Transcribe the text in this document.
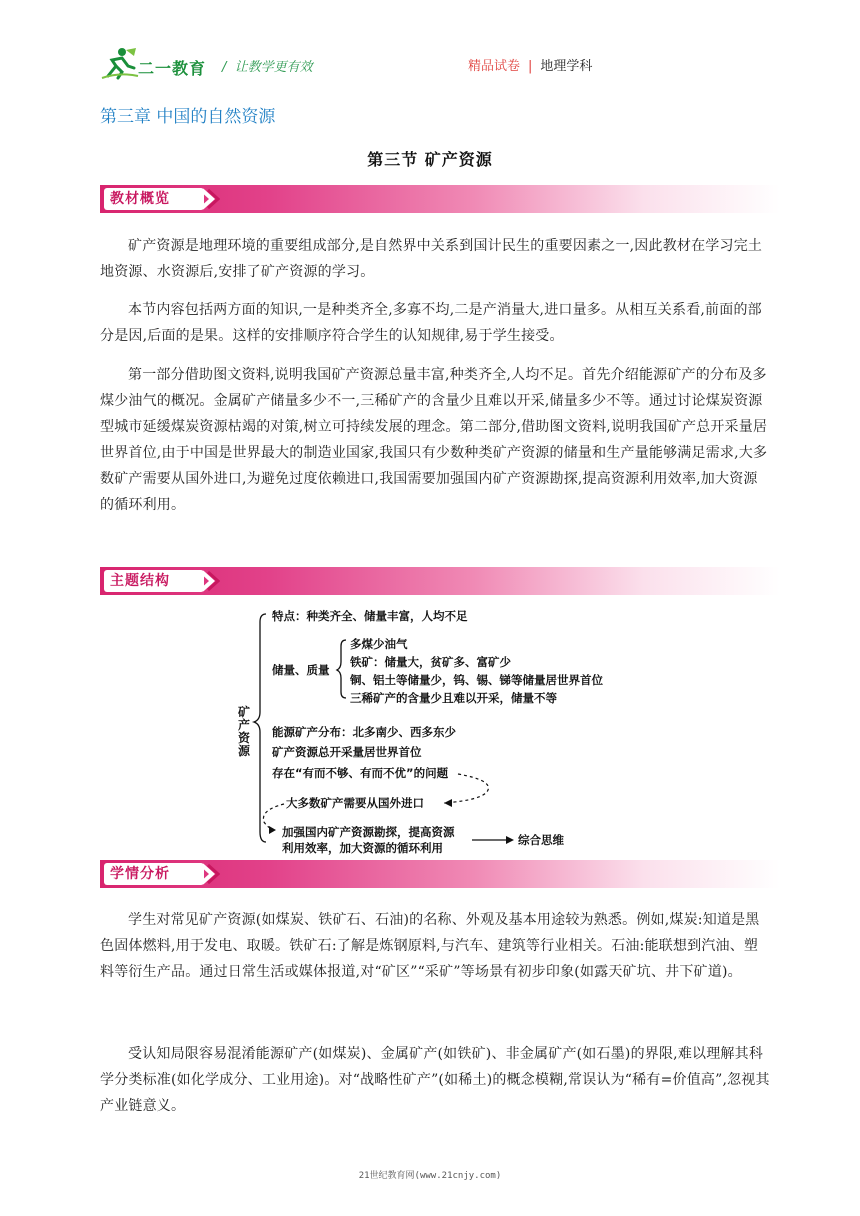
二一教育 /  让教学更有效	精品试卷 | 地理学科
第三章 中国的自然资源
第三节 矿产资源
教材概览

矿产资源是地理环境的重要组成部分,是自然界中关系到国计民生的重要因素之一,因此教材在学习完土地资源、水资源后,安排了矿产资源的学习。

本节内容包括两方面的知识,一是种类齐全,多寡不均,二是产消量大,进口量多。从相互关系看,前面的部分是因,后面的是果。这样的安排顺序符合学生的认知规律,易于学生接受。

第一部分借助图文资料,说明我国矿产资源总量丰富,种类齐全,人均不足。首先介绍能源矿产的分布及多煤少油气的概况。金属矿产储量多少不一,三稀矿产的含量少且难以开采,储量多少不等。通过讨论煤炭资源型城市延缓煤炭资源枯竭的对策,树立可持续发展的理念。第二部分,借助图文资料,说明我国矿产总开采量居世界首位,由于中国是世界最大的制造业国家,我国只有少数种类矿产资源的储量和生产量能够满足需求,大多数矿产需要从国外进口,为避免过度依赖进口,我国需要加强国内矿产资源勘探,提高资源利用效率,加大资源的循环利用。

主题结构
矿产资源
特点：种类齐全、储量丰富，人均不足
储量、质量
多煤少油气
铁矿：储量大，贫矿多、富矿少
铜、铝土等储量少，钨、锡、锑等储量居世界首位
三稀矿产的含量少且难以开采，储量不等
能源矿产分布：北多南少、西多东少
矿产资源总开采量居世界首位
存在“有而不够、有而不优”的问题
大多数矿产需要从国外进口
加强国内矿产资源勘探，提高资源
利用效率，加大资源的循环利用
综合思维
学情分析

学生对常见矿产资源(如煤炭、铁矿石、石油)的名称、外观及基本用途较为熟悉。例如,煤炭:知道是黑色固体燃料,用于发电、取暖。铁矿石:了解是炼钢原料,与汽车、建筑等行业相关。石油:能联想到汽油、塑料等衍生产品。通过日常生活或媒体报道,对“矿区”“采矿”等场景有初步印象(如露天矿坑、井下矿道)。

受认知局限容易混淆能源矿产(如煤炭)、金属矿产(如铁矿)、非金属矿产(如石墨)的界限,难以理解其科学分类标准(如化学成分、工业用途)。对“战略性矿产”(如稀土)的概念模糊,常误认为“稀有=价值高”,忽视其产业链意义。

21世纪教育网(www.21cnjy.com)
